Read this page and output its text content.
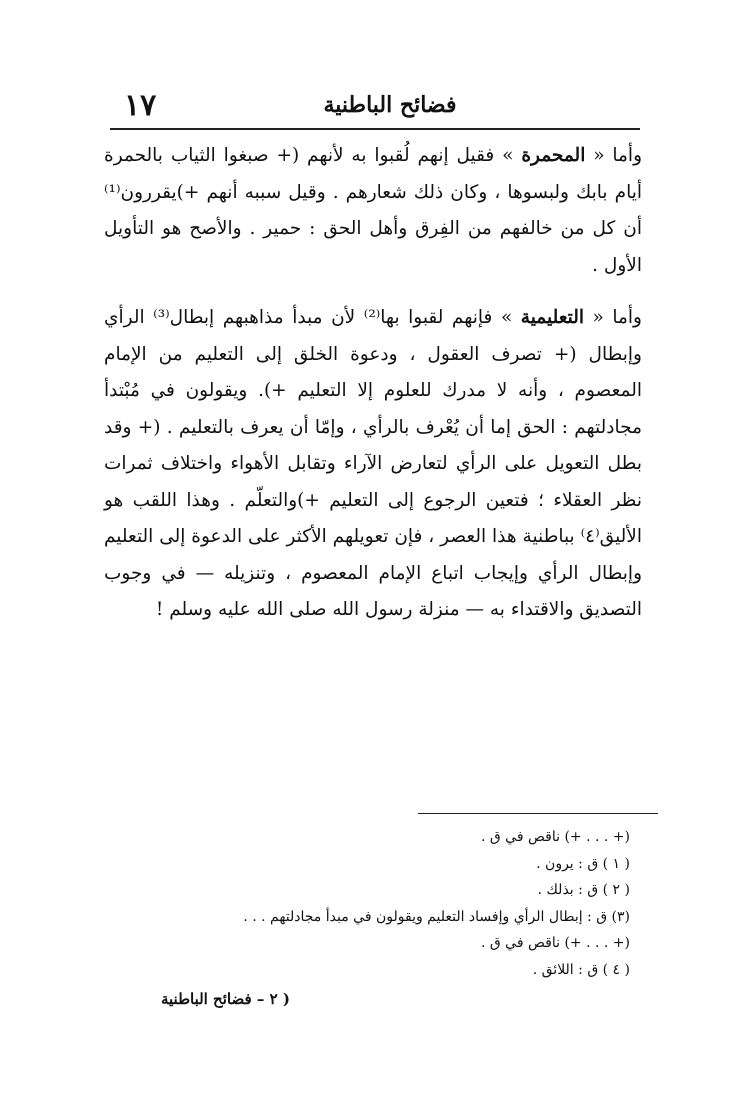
١٧	فضائح الباطنية

وأما « المحمرة » فقيل إنهم لُقبوا به لأنهم (+ صبغوا الثياب بالحمرة أيام بابك ولبسوها ، وكان ذلك شعارهم . وقيل سببه أنهم +)يقررون⁽¹⁾ أن كل من خالفهم من الفِرق وأهل الحق : حمير . والأصح هو التأويل الأول .

وأما « التعليمية » فإنهم لقبوا بها⁽²⁾ لأن مبدأ مذاهبهم إبطال⁽³⁾ الرأي وإبطال (+ تصرف العقول ، ودعوة الخلق إلى التعليم من الإمام المعصوم ، وأنه لا مدرك للعلوم إلا التعليم +). ويقولون في مُبْتدأ مجادلتهم : الحق إما أن يُعْرف بالرأي ، وإمّا أن يعرف بالتعليم . (+ وقد بطل التعويل على الرأي لتعارض الآراء وتقابل الأهواء واختلاف ثمرات نظر العقلاء ؛ فتعين الرجوع إلى التعليم +)والتعلّم . وهذا اللقب هو الأليق⁽٤⁾ بباطنية هذا العصر ، فإن تعويلهم الأكثر على الدعوة إلى التعليم وإبطال الرأي وإيجاب اتباع الإمام المعصوم ، وتنزيله — في وجوب التصديق والاقتداء به — منزلة رسول الله صلى الله عليه وسلم !

(+ . . . +) ناقص في ق .

( ١ ) ق : يرون .

( ٢ ) ق : بذلك .

(٣) ق : إبطال الرأي وإفساد التعليم ويقولون في مبدأ مجادلتهم . . .

(+ . . . +) ناقص في ق .

( ٤ ) ق : اللائق .

( ٢ – فضائح الباطنية
